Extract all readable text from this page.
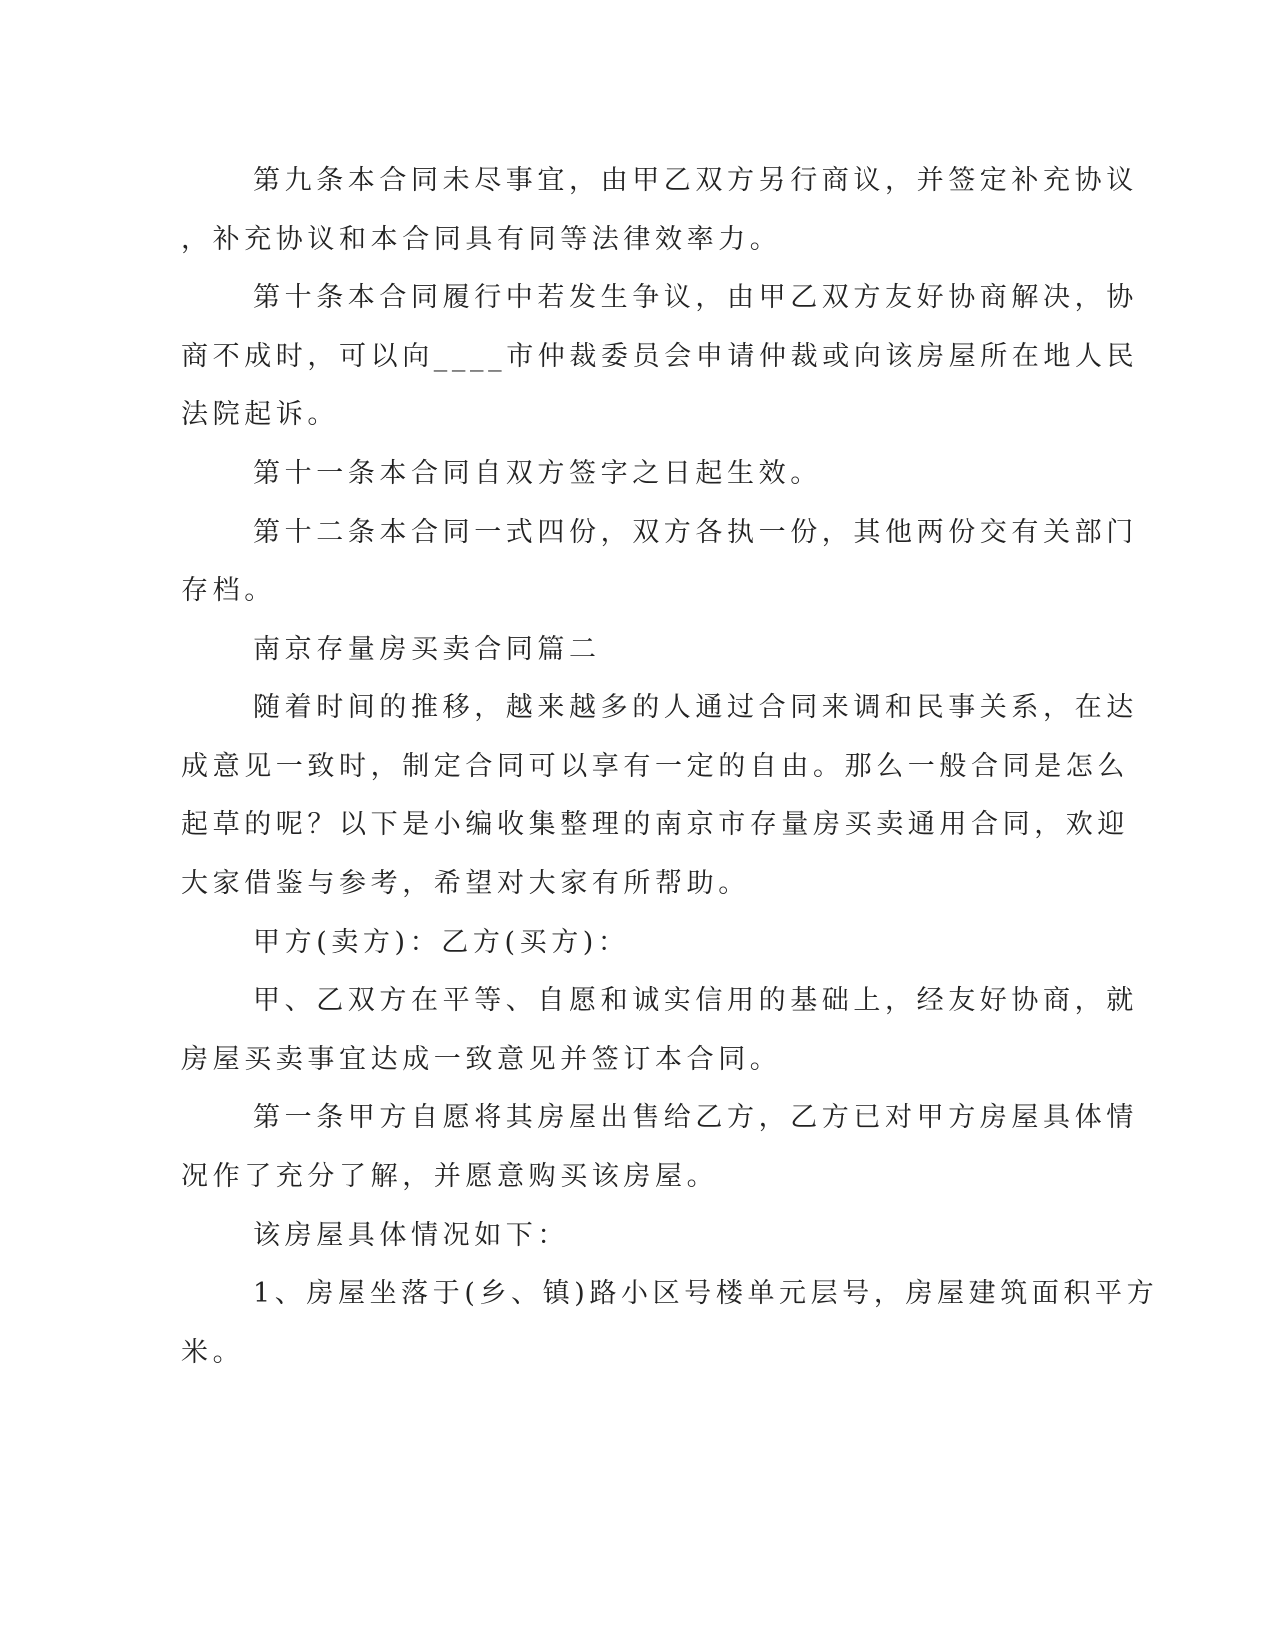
第九条本合同未尽事宜，由甲乙双方另行商议，并签定补充协议
，补充协议和本合同具有同等法律效率力。
第十条本合同履行中若发生争议，由甲乙双方友好协商解决，协
商不成时，可以向____市仲裁委员会申请仲裁或向该房屋所在地人民
法院起诉。
第十一条本合同自双方签字之日起生效。
第十二条本合同一式四份，双方各执一份，其他两份交有关部门
存档。
南京存量房买卖合同篇二
随着时间的推移，越来越多的人通过合同来调和民事关系，在达
成意见一致时，制定合同可以享有一定的自由。那么一般合同是怎么
起草的呢？以下是小编收集整理的南京市存量房买卖通用合同，欢迎
大家借鉴与参考，希望对大家有所帮助。
甲方(卖方)：乙方(买方)：
甲、乙双方在平等、自愿和诚实信用的基础上，经友好协商，就
房屋买卖事宜达成一致意见并签订本合同。
第一条甲方自愿将其房屋出售给乙方，乙方已对甲方房屋具体情
况作了充分了解，并愿意购买该房屋。
该房屋具体情况如下：
1、房屋坐落于(乡、镇)路小区号楼单元层号，房屋建筑面积平方
米。
